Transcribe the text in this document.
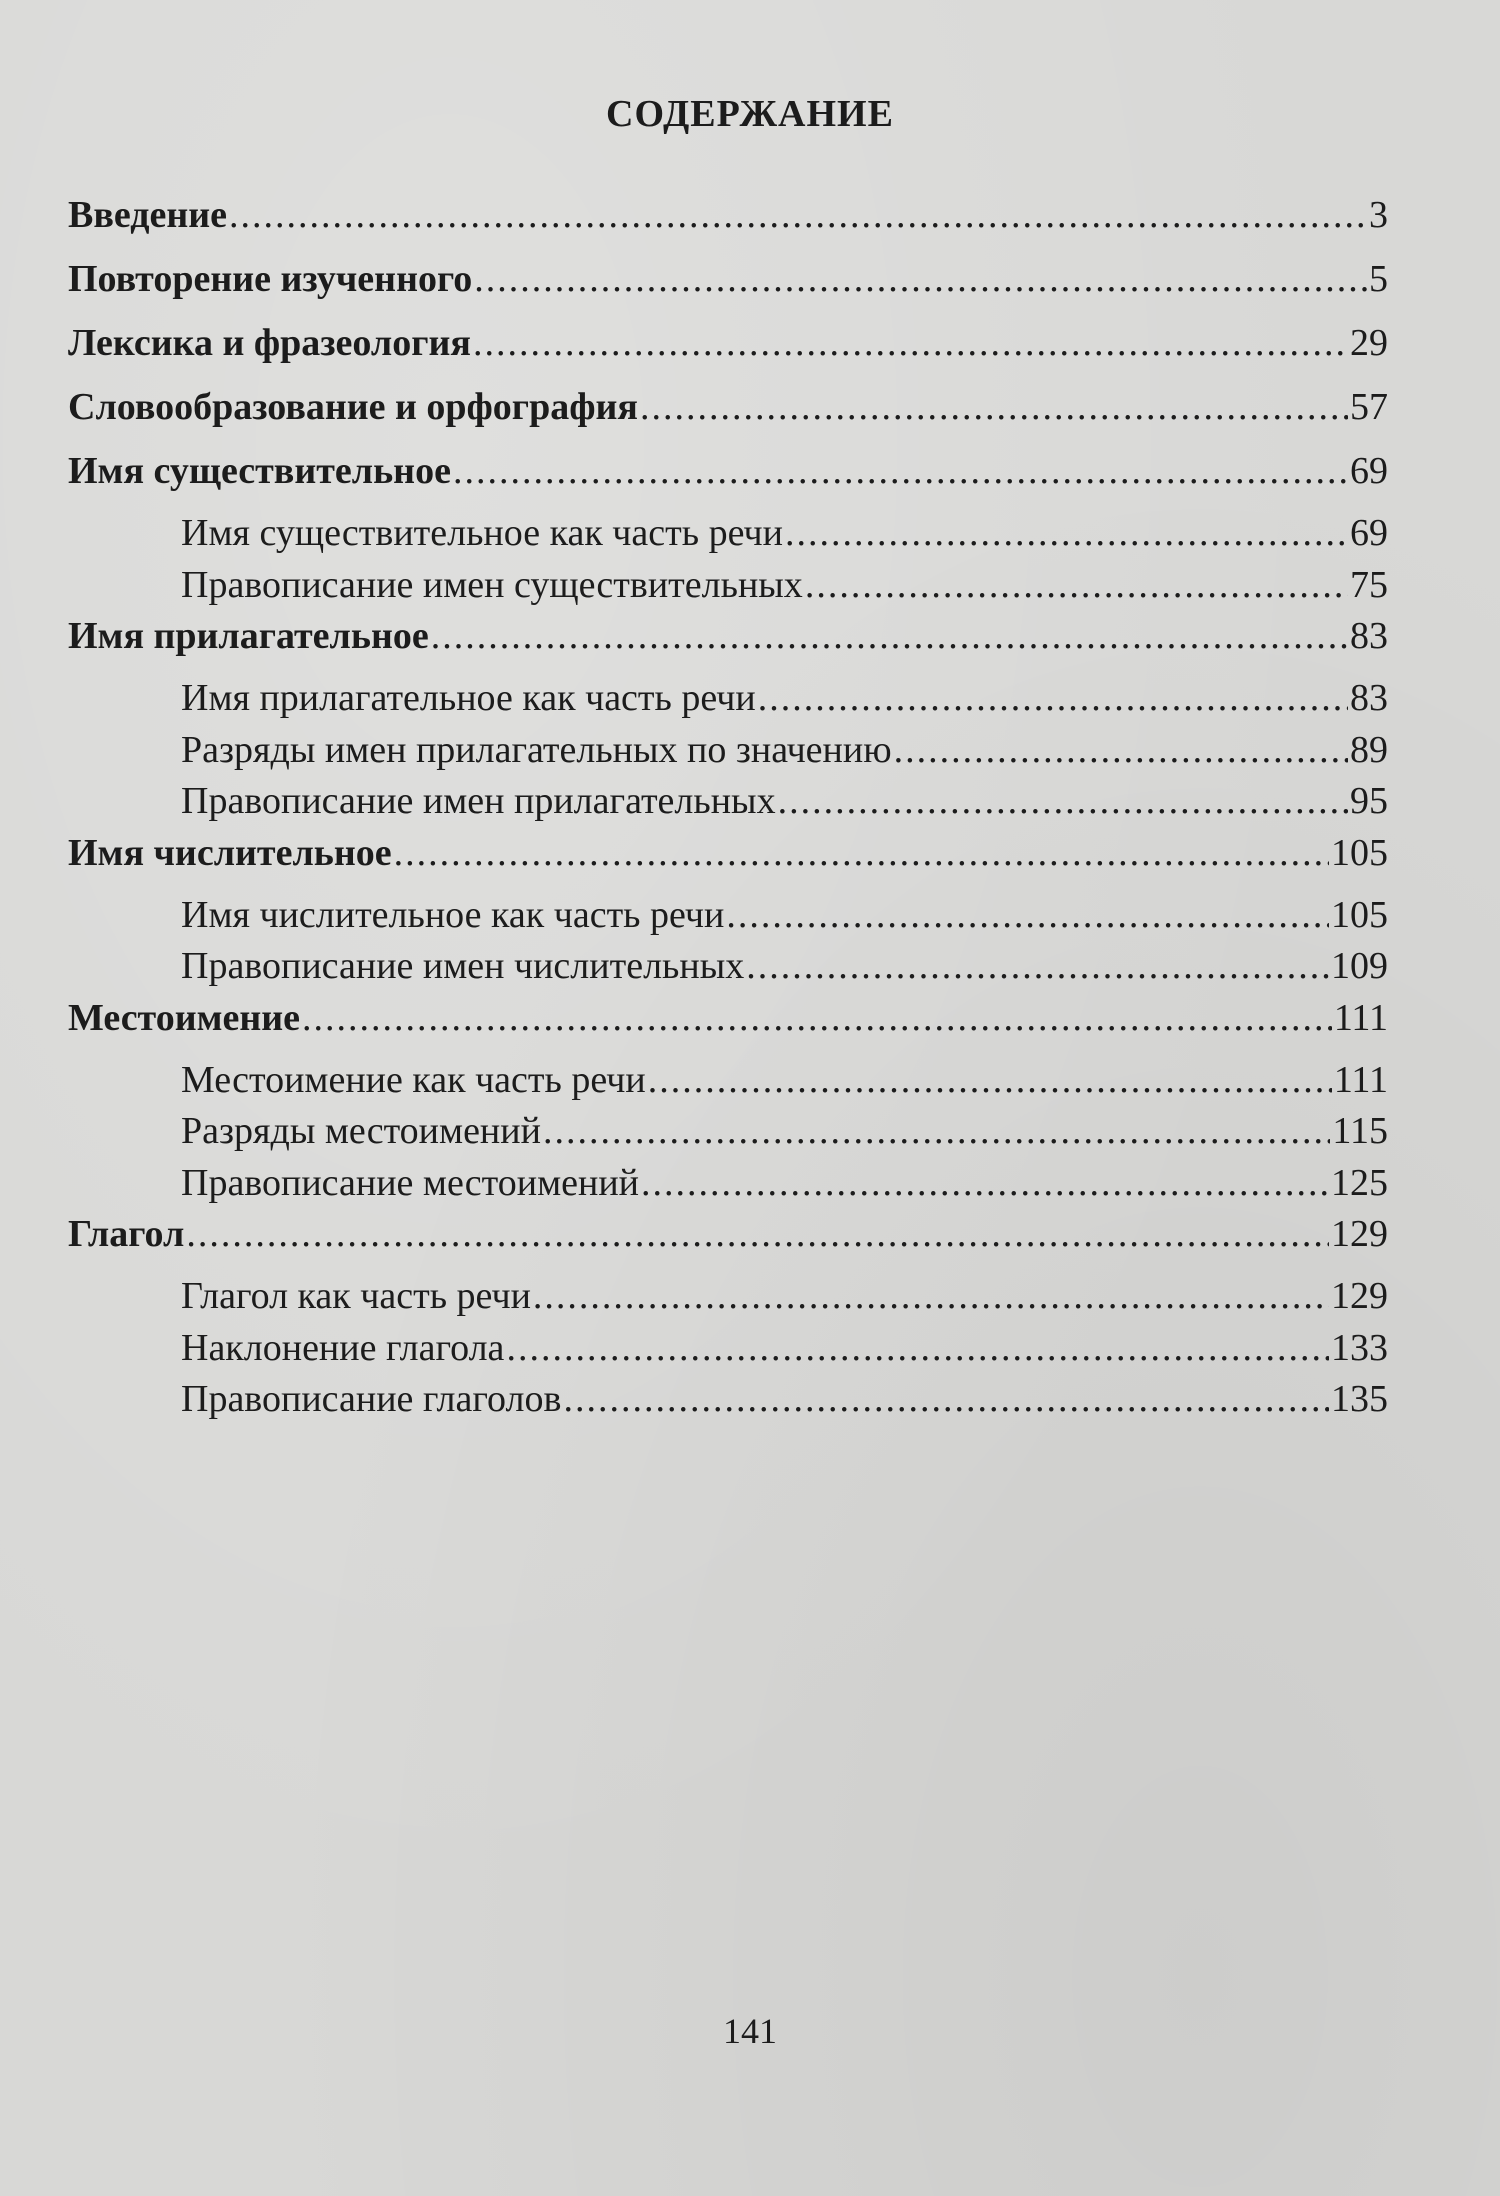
СОДЕРЖАНИЕ
Введение .....	3
Повторение изученного .....	5
Лексика и фразеология .....	29
Словообразование и орфография .....	57
Имя существительное .....	69
Имя существительное как часть речи .....	69
Правописание имен существительных .....	75
Имя прилагательное .....	83
Имя прилагательное как часть речи .....	83
Разряды имен прилагательных по значению .....	89
Правописание имен прилагательных .....	95
Имя числительное .....	105
Имя числительное как часть речи .....	105
Правописание имен числительных .....	109
Местоимение .....	111
Местоимение как часть речи .....	111
Разряды местоимений .....	115
Правописание местоимений .....	125
Глагол .....	129
Глагол как часть речи .....	129
Наклонение глагола .....	133
Правописание глаголов .....	135
141
